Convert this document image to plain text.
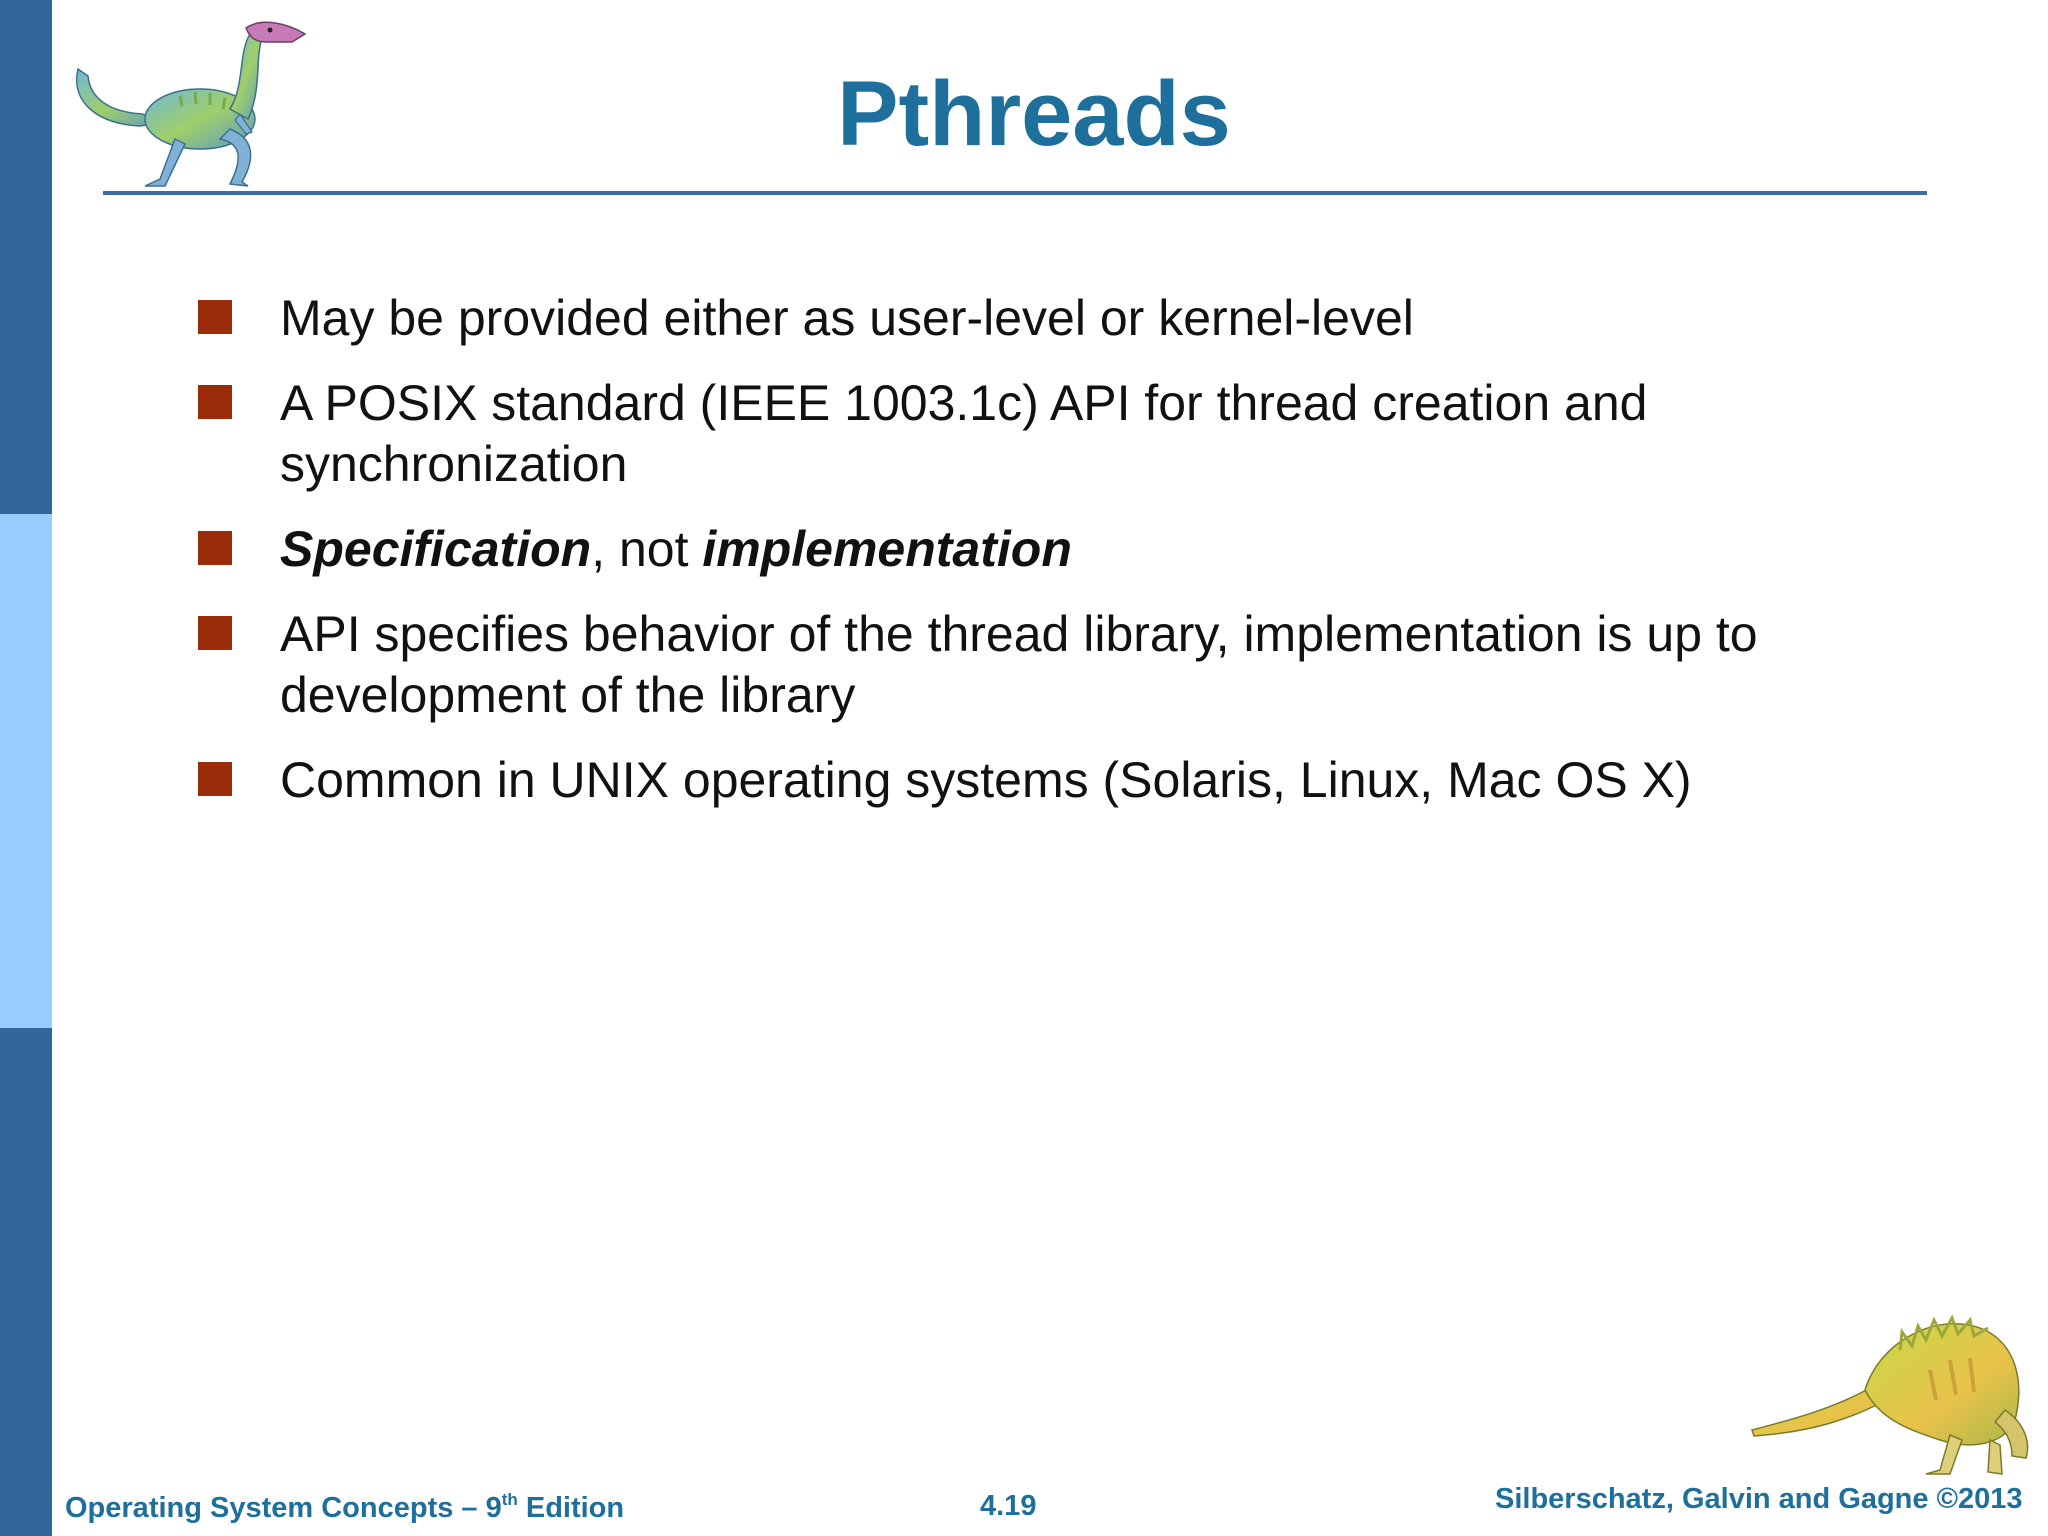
Pthreads
May be provided either as user-level or kernel-level
A POSIX standard (IEEE 1003.1c) API for thread creation and synchronization
Specification, not implementation
API specifies behavior of the thread library, implementation is up to development of the library
Common in UNIX operating systems (Solaris, Linux, Mac OS X)
Operating System Concepts – 9th Edition	4.19	Silberschatz, Galvin and Gagne ©2013
